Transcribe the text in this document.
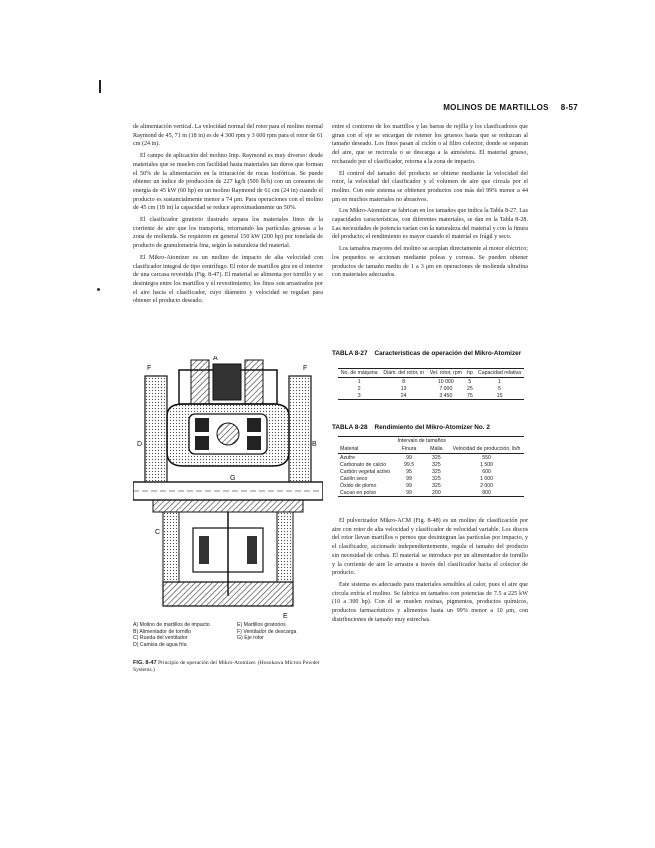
MOLINOS DE MARTILLOS 8-57

de alimentación vertical. La velocidad normal del rotor para el molino normal Raymond de 45, 71 m (18 in) es de 4 300 rpm y 3 600 rpm para el rotor de 61 cm (24 in).

El campo de aplicación del molino Imp. Raymond es muy diverso: desde materiales que se muelen con facilidad hasta materiales tan duros que forman el 50% de la alimentación en la trituración de rocas fosfóricas. Se puede obtener un índice de producción de 227 kg/h (500 lb/h) con un consumo de energía de 45 kW (60 hp) en un molino Raymond de 61 cm (24 in) cuando el producto es sustancialmente menor a 74 μm. Para operaciones con el molino de 45 cm (18 in) la capacidad se reduce aproximadamente un 50%.

El clasificador giratorio ilustrado separa los materiales finos de la corriente de aire que los transporta, retornando las partículas gruesas a la zona de molienda. Se requieren en general 150 kW (200 hp) por tonelada de producto de granulometría fina, según la naturaleza del material.

El Mikro-Atomizer es un molino de impacto de alta velocidad con clasificador integral de tipo centrífugo. El rotor de martillos gira en el interior de una carcasa revestida (Fig. 8-47). El material se alimenta por tornillo y se desintegra entre los martillos y el revestimiento; los finos son arrastrados por el aire hacia el clasificador, cuyo diámetro y velocidad se regulan para obtener el producto deseado.

entre el contorno de los martillos y las barras de rejilla y los clasificadores que giran con el eje se encargan de retener los gruesos hasta que se reduzcan al tamaño deseado. Los finos pasan al ciclón o al filtro colector, donde se separan del aire, que se recircula o se descarga a la atmósfera. El material grueso, rechazado por el clasificador, retorna a la zona de impacto.

El control del tamaño del producto se obtiene mediante la velocidad del rotor, la velocidad del clasificador y el volumen de aire que circula por el molino. Con este sistema se obtienen productos con más del 99% menor a 44 μm en muchos materiales no abrasivos.

Los Mikro-Atomizer se fabrican en los tamaños que indica la Tabla 8-27. Las capacidades características, con diferentes materiales, se dan en la Tabla 8-28. Las necesidades de potencia varían con la naturaleza del material y con la finura del producto; el rendimiento es mayor cuando el material es frágil y seco.

Los tamaños mayores del molino se acoplan directamente al motor eléctrico; los pequeños se accionan mediante poleas y correas. Se pueden obtener productos de tamaño medio de 1 a 3 μm en operaciones de molienda ultrafina con materiales adecuados.

F	F
A
D	B
G
C
E
A) Molino de martillos de impacto	E) Martillos giratorios
B) Alimentador de tornillo	F) Ventilador de descarga
C) Rueda del ventilador	G) Eje rotor
D) Camisa de agua fría
FIG. 8-47 Principio de operación del Mikro-Atomizer. (Hosokawa Micron Powder Systems.)
TABLA 8-27 Características de operación del Mikro-Atomizer
No. de máquina	Diám. del rotor, in	Vel. rotor, rpm	hp	Capacidad relativa
1	8	10 000	5	1
2	13	7 000	25	5
3	24	3 450	75	15
TABLA 8-28 Rendimiento del Mikro-Atomizer No. 2
	Intervalo de tamaños		
Material	Finura	Malla	Velocidad de producción, lb/h
Azufre	99	325	550
Carbonato de calcio	99.5	325	1 500
Carbón vegetal activo	95	325	600
Caolín seco	99	325	1 000
Óxido de plomo	99	325	2 000
Cacao en polvo	99	200	800

El pulverizador Mikro-ACM (Fig. 8-48) es un molino de clasificación por aire con rotor de alta velocidad y clasificador de velocidad variable. Los discos del rotor llevan martillos o pernos que desintegran las partículas por impacto, y el clasificador, accionado independientemente, regula el tamaño del producto sin necesidad de cribas. El material se introduce por un alimentador de tornillo y la corriente de aire lo arrastra a través del clasificador hacia el colector de producto.

Este sistema es adecuado para materiales sensibles al calor, pues el aire que circula enfría el molino. Se fabrica en tamaños con potencias de 7.5 a 225 kW (10 a 300 hp). Con él se muelen resinas, pigmentos, productos químicos, productos farmacéuticos y alimentos hasta un 99% menor a 10 μm, con distribuciones de tamaño muy estrechas.
